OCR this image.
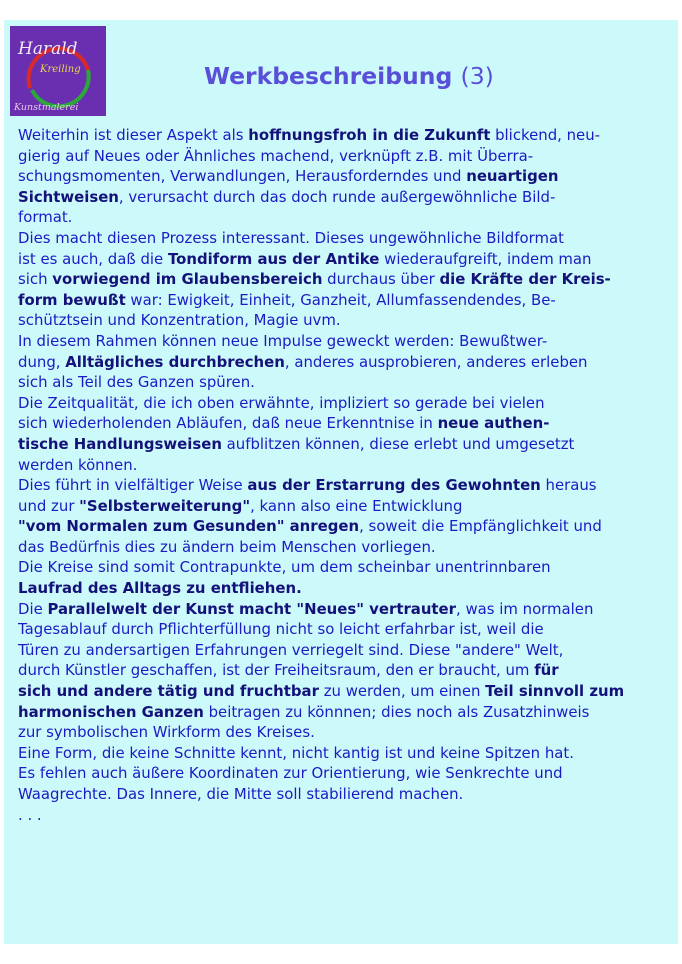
Harald
Kreiling
Kunstmalerei
Werkbeschreibung (3)

Weiterhin ist dieser Aspekt als hoffnungsfroh in die Zukunft blickend, neu-

gierig auf Neues oder Ähnliches machend, verknüpft z.B. mit Überra-

schungsmomenten, Verwandlungen, Herausforderndes und neuartigen

Sichtweisen, verursacht durch das doch runde außergewöhnliche Bild-

format.

Dies macht diesen Prozess interessant. Dieses ungewöhnliche Bildformat

ist es auch, daß die Tondiform aus der Antike wiederaufgreift, indem man

sich vorwiegend im Glaubensbereich durchaus über die Kräfte der Kreis-

form bewußt war: Ewigkeit, Einheit, Ganzheit, Allumfassendendes, Be-

schütztsein und Konzentration, Magie uvm.

In diesem Rahmen können neue Impulse geweckt werden: Bewußtwer-

dung, Alltägliches durchbrechen, anderes ausprobieren, anderes erleben

sich als Teil des Ganzen spüren.

Die Zeitqualität, die ich oben erwähnte, impliziert so gerade bei vielen

sich wiederholenden Abläufen, daß neue Erkenntnise in neue authen-

tische Handlungsweisen aufblitzen können, diese erlebt und umgesetzt

werden können.

Dies führt in vielfältiger Weise aus der Erstarrung des Gewohnten heraus

und zur "Selbsterweiterung", kann also eine Entwicklung

"vom Normalen zum Gesunden" anregen, soweit die Empfänglichkeit und

das Bedürfnis dies zu ändern beim Menschen vorliegen.

Die Kreise sind somit Contrapunkte, um dem scheinbar unentrinnbaren

Laufrad des Alltags zu entfliehen.

Die Parallelwelt der Kunst macht "Neues" vertrauter, was im normalen

Tagesablauf durch Pflichterfüllung nicht so leicht erfahrbar ist, weil die

Türen zu andersartigen Erfahrungen verriegelt sind. Diese "andere" Welt,

durch Künstler geschaffen, ist der Freiheitsraum, den er braucht, um für

sich und andere tätig und fruchtbar zu werden, um einen Teil sinnvoll zum

harmonischen Ganzen beitragen zu könnnen; dies noch als Zusatzhinweis

zur symbolischen Wirkform des Kreises.

Eine Form, die keine Schnitte kennt, nicht kantig ist und keine Spitzen hat.

Es fehlen auch äußere Koordinaten zur Orientierung, wie Senkrechte und

Waagrechte. Das Innere, die Mitte soll stabilierend machen.

. . .
